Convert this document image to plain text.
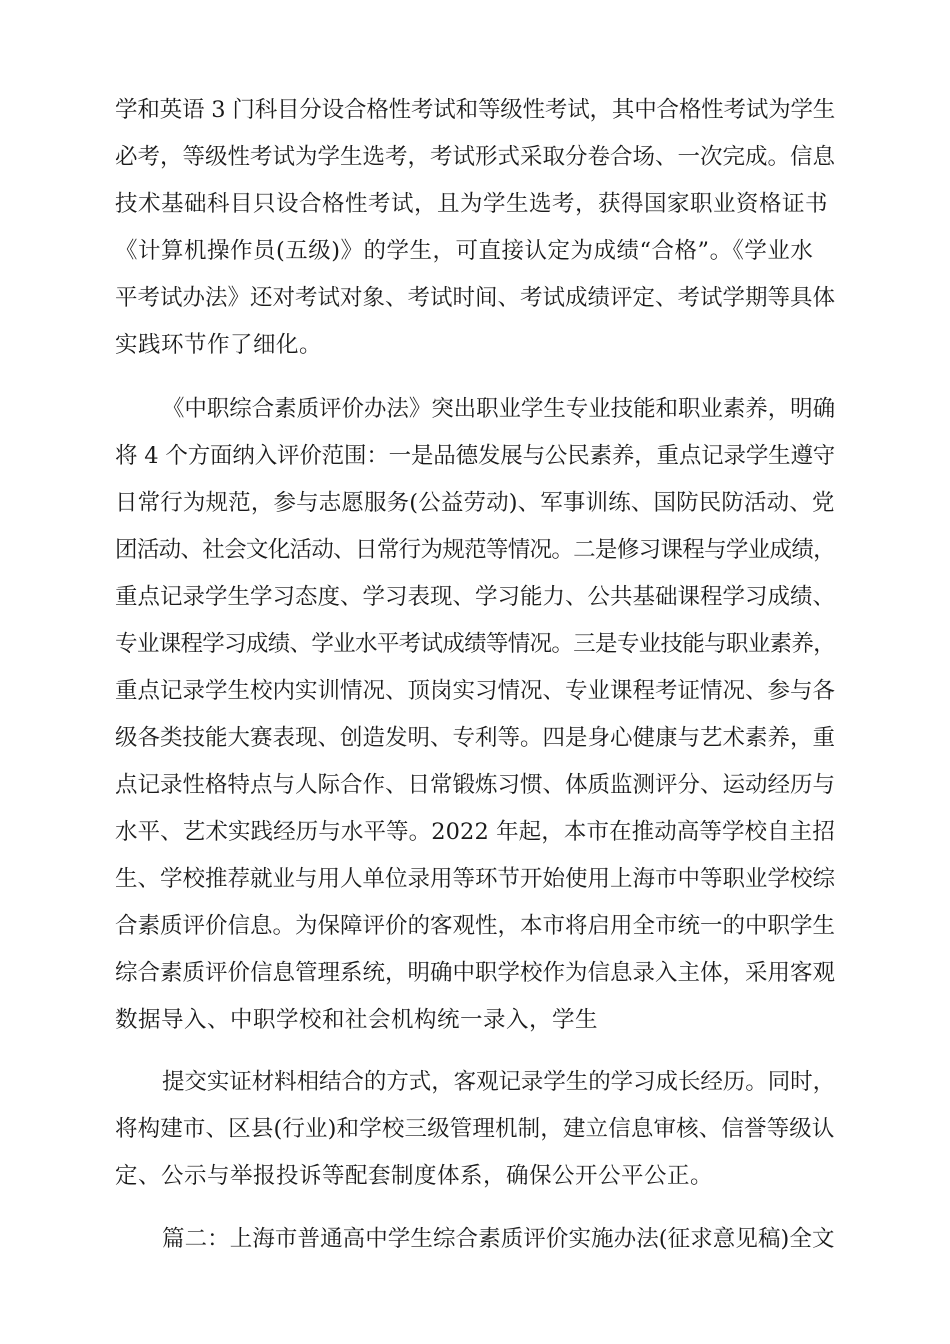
学和英语 3 门科目分设合格性考试和等级性考试，其中合格性考试为学生
必考，等级性考试为学生选考，考试形式采取分卷合场、一次完成。信息
技术基础科目只设合格性考试，且为学生选考，获得国家职业资格证书
《计算机操作员(五级)》的学生，可直接认定为成绩“合格”。《学业水
平考试办法》还对考试对象、考试时间、考试成绩评定、考试学期等具体
实践环节作了细化。
《中职综合素质评价办法》突出职业学生专业技能和职业素养，明确
将 4 个方面纳入评价范围：一是品德发展与公民素养，重点记录学生遵守
日常行为规范，参与志愿服务(公益劳动)、军事训练、国防民防活动、党
团活动、社会文化活动、日常行为规范等情况。二是修习课程与学业成绩，
重点记录学生学习态度、学习表现、学习能力、公共基础课程学习成绩、
专业课程学习成绩、学业水平考试成绩等情况。三是专业技能与职业素养，
重点记录学生校内实训情况、顶岗实习情况、专业课程考证情况、参与各
级各类技能大赛表现、创造发明、专利等。四是身心健康与艺术素养，重
点记录性格特点与人际合作、日常锻炼习惯、体质监测评分、运动经历与
水平、艺术实践经历与水平等。2022 年起，本市在推动高等学校自主招
生、学校推荐就业与用人单位录用等环节开始使用上海市中等职业学校综
合素质评价信息。为保障评价的客观性，本市将启用全市统一的中职学生
综合素质评价信息管理系统，明确中职学校作为信息录入主体，采用客观
数据导入、中职学校和社会机构统一录入，学生
提交实证材料相结合的方式，客观记录学生的学习成长经历。同时，
将构建市、区县(行业)和学校三级管理机制，建立信息审核、信誉等级认
定、公示与举报投诉等配套制度体系，确保公开公平公正。
篇二：上海市普通高中学生综合素质评价实施办法(征求意见稿)全文
